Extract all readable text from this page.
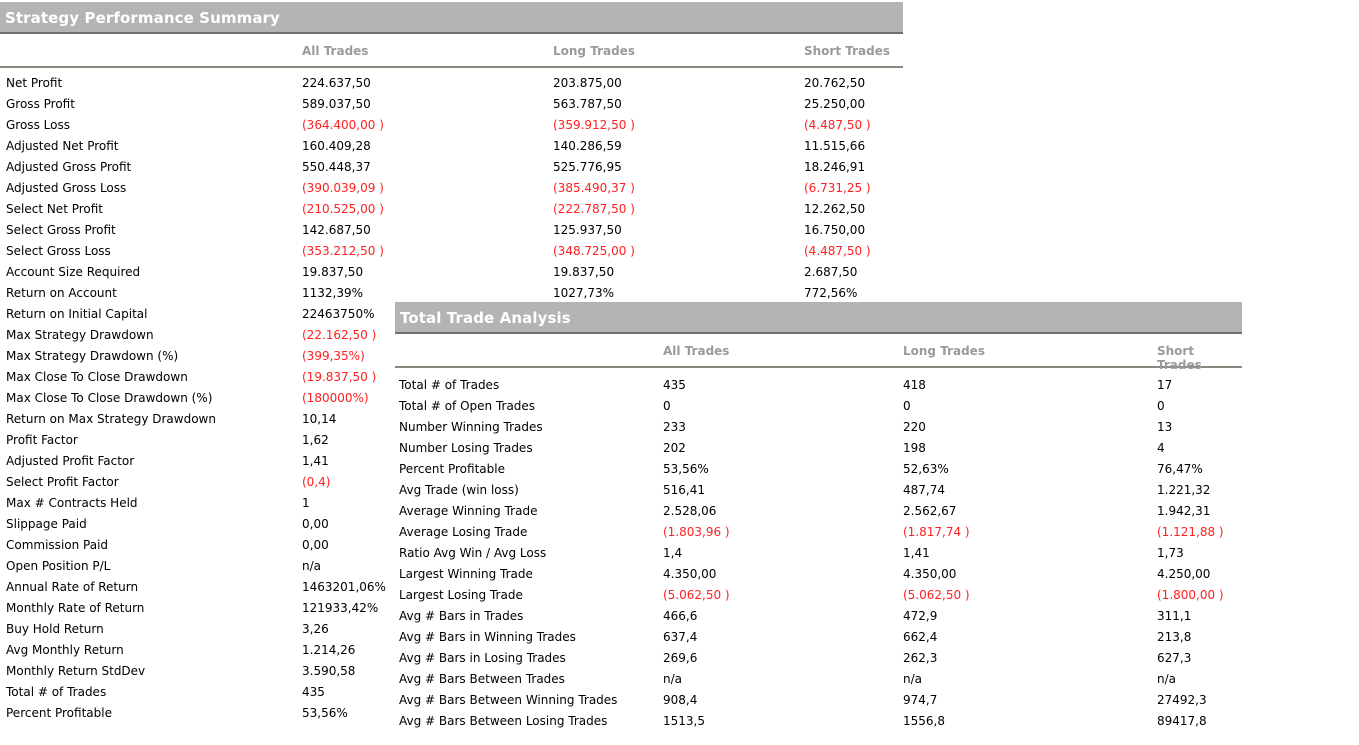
Strategy Performance Summary
All Trades	Long Trades	Short Trades
Net Profit	224.637,50	203.875,00	20.762,50
Gross Profit	589.037,50	563.787,50	25.250,00
Gross Loss	(364.400,00 )	(359.912,50 )	(4.487,50 )
Adjusted Net Profit	160.409,28	140.286,59	11.515,66
Adjusted Gross Profit	550.448,37	525.776,95	18.246,91
Adjusted Gross Loss	(390.039,09 )	(385.490,37 )	(6.731,25 )
Select Net Profit	(210.525,00 )	(222.787,50 )	12.262,50
Select Gross Profit	142.687,50	125.937,50	16.750,00
Select Gross Loss	(353.212,50 )	(348.725,00 )	(4.487,50 )
Account Size Required	19.837,50	19.837,50	2.687,50
Return on Account	1132,39%	1027,73%	772,56%
Return on Initial Capital	22463750%
Max Strategy Drawdown	(22.162,50 )
Max Strategy Drawdown (%)	(399,35%)
Max Close To Close Drawdown	(19.837,50 )
Max Close To Close Drawdown (%)	(180000%)
Return on Max Strategy Drawdown	10,14
Profit Factor	1,62
Adjusted Profit Factor	1,41
Select Profit Factor	(0,4)
Max # Contracts Held	1
Slippage Paid	0,00
Commission Paid	0,00
Open Position P/L	n/a
Annual Rate of Return	1463201,06%
Monthly Rate of Return	121933,42%
Buy Hold Return	3,26
Avg Monthly Return	1.214,26
Monthly Return StdDev	3.590,58
Total # of Trades	435
Percent Profitable	53,56%
Total Trade Analysis
All Trades	Long Trades	Short Trades
Total # of Trades	435	418	17
Total # of Open Trades	0	0	0
Number Winning Trades	233	220	13
Number Losing Trades	202	198	4
Percent Profitable	53,56%	52,63%	76,47%
Avg Trade (win loss)	516,41	487,74	1.221,32
Average Winning Trade	2.528,06	2.562,67	1.942,31
Average Losing Trade	(1.803,96 )	(1.817,74 )	(1.121,88 )
Ratio Avg Win / Avg Loss	1,4	1,41	1,73
Largest Winning Trade	4.350,00	4.350,00	4.250,00
Largest Losing Trade	(5.062,50 )	(5.062,50 )	(1.800,00 )
Avg # Bars in Trades	466,6	472,9	311,1
Avg # Bars in Winning Trades	637,4	662,4	213,8
Avg # Bars in Losing Trades	269,6	262,3	627,3
Avg # Bars Between Trades	n/a	n/a	n/a
Avg # Bars Between Winning Trades	908,4	974,7	27492,3
Avg # Bars Between Losing Trades	1513,5	1556,8	89417,8
